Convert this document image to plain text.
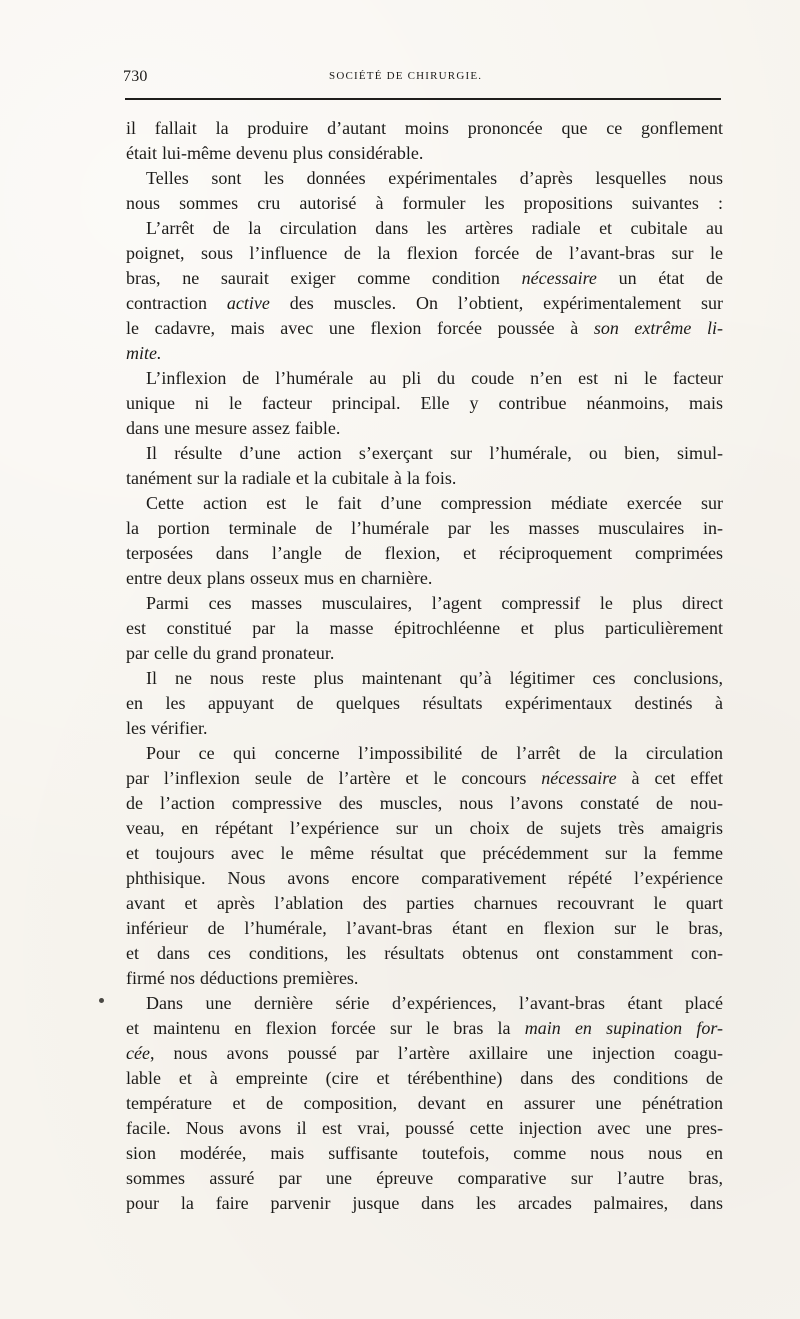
730	SOCIÉTÉ DE CHIRURGIE.
il fallait la produire d’autant moins prononcée que ce gonflement
était lui-même devenu plus considérable.
Telles sont les données expérimentales d’après lesquelles nous
nous sommes cru autorisé à formuler les propositions suivantes :
L’arrêt de la circulation dans les artères radiale et cubitale au
poignet, sous l’influence de la flexion forcée de l’avant-bras sur le
bras, ne saurait exiger comme condition nécessaire un état de
contraction active des muscles. On l’obtient, expérimentalement sur
le cadavre, mais avec une flexion forcée poussée à son extrême li-
mite.
L’inflexion de l’humérale au pli du coude n’en est ni le facteur
unique ni le facteur principal. Elle y contribue néanmoins, mais
dans une mesure assez faible.
Il résulte d’une action s’exerçant sur l’humérale, ou bien, simul-
tanément sur la radiale et la cubitale à la fois.
Cette action est le fait d’une compression médiate exercée sur
la portion terminale de l’humérale par les masses musculaires in-
terposées dans l’angle de flexion, et réciproquement comprimées
entre deux plans osseux mus en charnière.
Parmi ces masses musculaires, l’agent compressif le plus direct
est constitué par la masse épitrochléenne et plus particulièrement
par celle du grand pronateur.
Il ne nous reste plus maintenant qu’à légitimer ces conclusions,
en les appuyant de quelques résultats expérimentaux destinés à
les vérifier.
Pour ce qui concerne l’impossibilité de l’arrêt de la circulation
par l’inflexion seule de l’artère et le concours nécessaire à cet effet
de l’action compressive des muscles, nous l’avons constaté de nou-
veau, en répétant l’expérience sur un choix de sujets très amaigris
et toujours avec le même résultat que précédemment sur la femme
phthisique. Nous avons encore comparativement répété l’expérience
avant et après l’ablation des parties charnues recouvrant le quart
inférieur de l’humérale, l’avant-bras étant en flexion sur le bras,
et dans ces conditions, les résultats obtenus ont constamment con-
firmé nos déductions premières.
Dans une dernière série d’expériences, l’avant-bras étant placé
et maintenu en flexion forcée sur le bras la main en supination for-
cée, nous avons poussé par l’artère axillaire une injection coagu-
lable et à empreinte (cire et térébenthine) dans des conditions de
température et de composition, devant en assurer une pénétration
facile. Nous avons il est vrai, poussé cette injection avec une pres-
sion modérée, mais suffisante toutefois, comme nous nous en
sommes assuré par une épreuve comparative sur l’autre bras,
pour la faire parvenir jusque dans les arcades palmaires, dans
